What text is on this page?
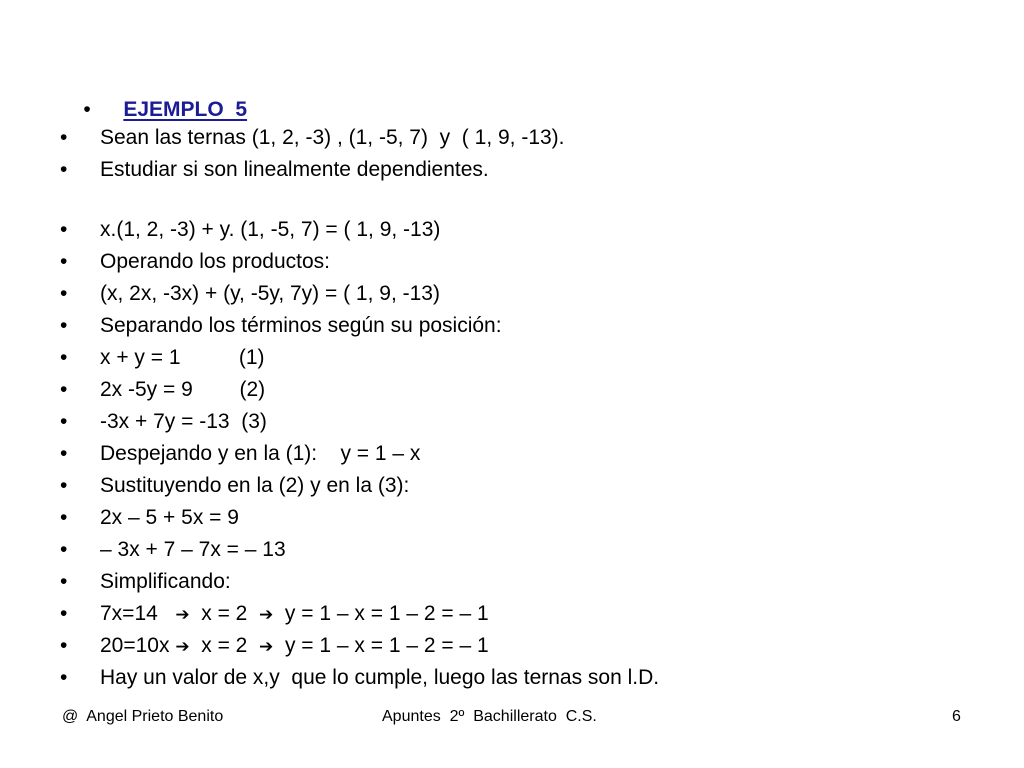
• EJEMPLO  5

• Sean las ternas (1, 2, -3) , (1, -5, 7)  y  ( 1, 9, -13).
• Estudiar si son linealmente dependientes.
• x.(1, 2, -3) + y. (1, -5, 7) = ( 1, 9, -13)
• Operando los productos:
• (x, 2x, -3x) + (y, -5y, 7y) = ( 1, 9, -13)
• Separando los términos según su posición:
• x + y = 1          (1)
• 2x -5y = 9        (2)
• -3x + 7y = -13  (3)
• Despejando y en la (1):    y = 1 – x
• Sustituyendo en la (2) y en la (3):
• 2x – 5 + 5x = 9
• – 3x + 7 – 7x = – 13
• Simplificando:
• 7x=14   ➔  x = 2  ➔  y = 1 – x = 1 – 2 = – 1
• 20=10x ➔  x = 2  ➔  y = 1 – x = 1 – 2 = – 1
• Hay un valor de x,y  que lo cumple, luego las ternas son l.D.
@  Angel Prieto Benito	Apuntes  2º  Bachillerato  C.S.	6
